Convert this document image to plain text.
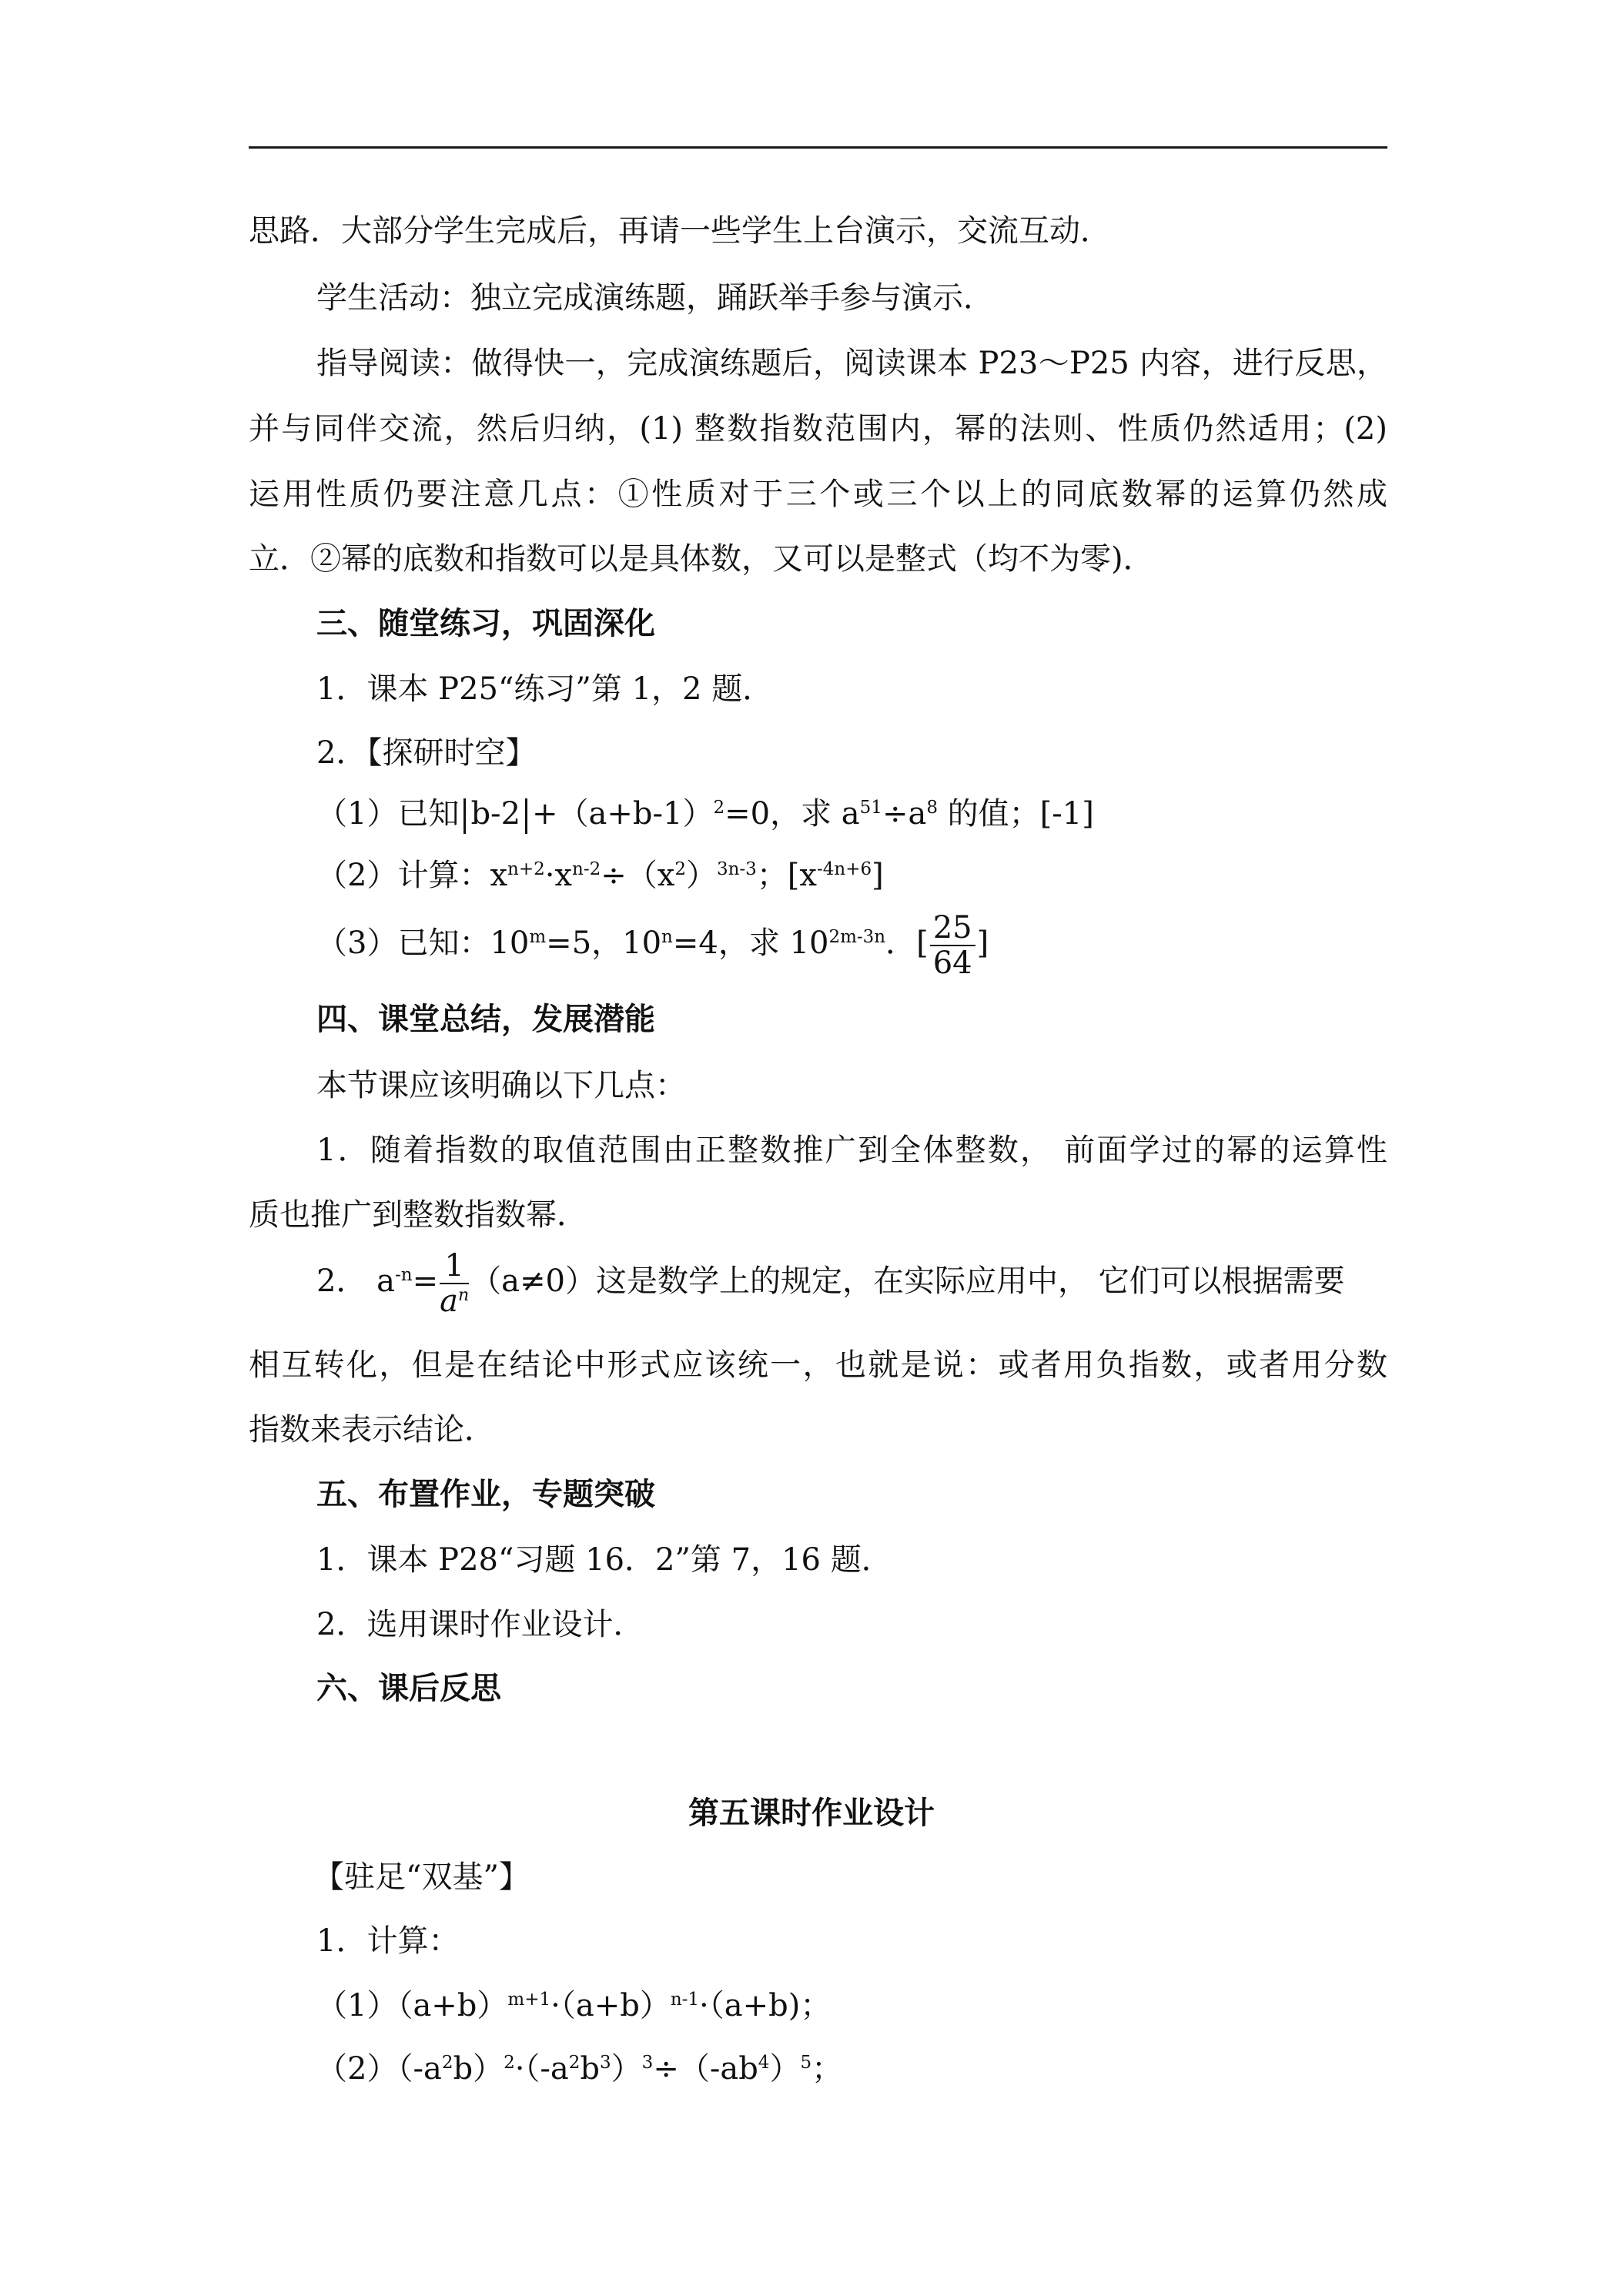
思路．大部分学生完成后，再请一些学生上台演示，交流互动．
学生活动：独立完成演练题，踊跃举手参与演示．
指导阅读：做得快一，完成演练题后，阅读课本 P23～P25 内容，进行反思，
并与同伴交流，然后归纳，(1) 整数指数范围内，幂的法则、性质仍然适用；(2)
运用性质仍要注意几点：①性质对于三个或三个以上的同底数幂的运算仍然成
立．②幂的底数和指数可以是具体数，又可以是整式（均不为零)．
三、随堂练习，巩固深化
1．课本 P25“练习”第 1，2 题．
2．【探研时空】
（1）已知 $b-2 +(a+b-1)^2=0$，求 $a^{51}\div a^8$ 的值；[-1]
（2）计算：$x^{n+2}\cdot x^{n-2}\div(x^2)^{3n-3}$；$[x^{-4n+6}]$
（3）已知：$10^m=5$，$10^n=4$，求 $10^{2m-3n}$．[ $\frac{25}{64}$ ]
四、课堂总结，发展潜能
本节课应该明确以下几点：
1．随着指数的取值范围由正整数推广到全体整数， 前面学过的幂的运算性
质也推广到整数指数幂．
2． $a^{-n}= \frac{1}{a^n} (a\ne 0)$这是数学上的规定，在实际应用中， 它们可以根据需要
相互转化，但是在结论中形式应该统一，也就是说：或者用负指数，或者用分数
指数来表示结论．
五、布置作业，专题突破
1．课本 P28“习题 16．2”第 7，16 题．
2．选用课时作业设计．
六、课后反思
第五课时作业设计
【驻足“双基”】
1．计算：
$(1)(a+b)^{m+1}\cdot(a+b)^{n-1}\cdot(a+b)$；
$(2)(-a^2b)^2\cdot(-a^2b^3)^3\div(-ab^4)^5$；
